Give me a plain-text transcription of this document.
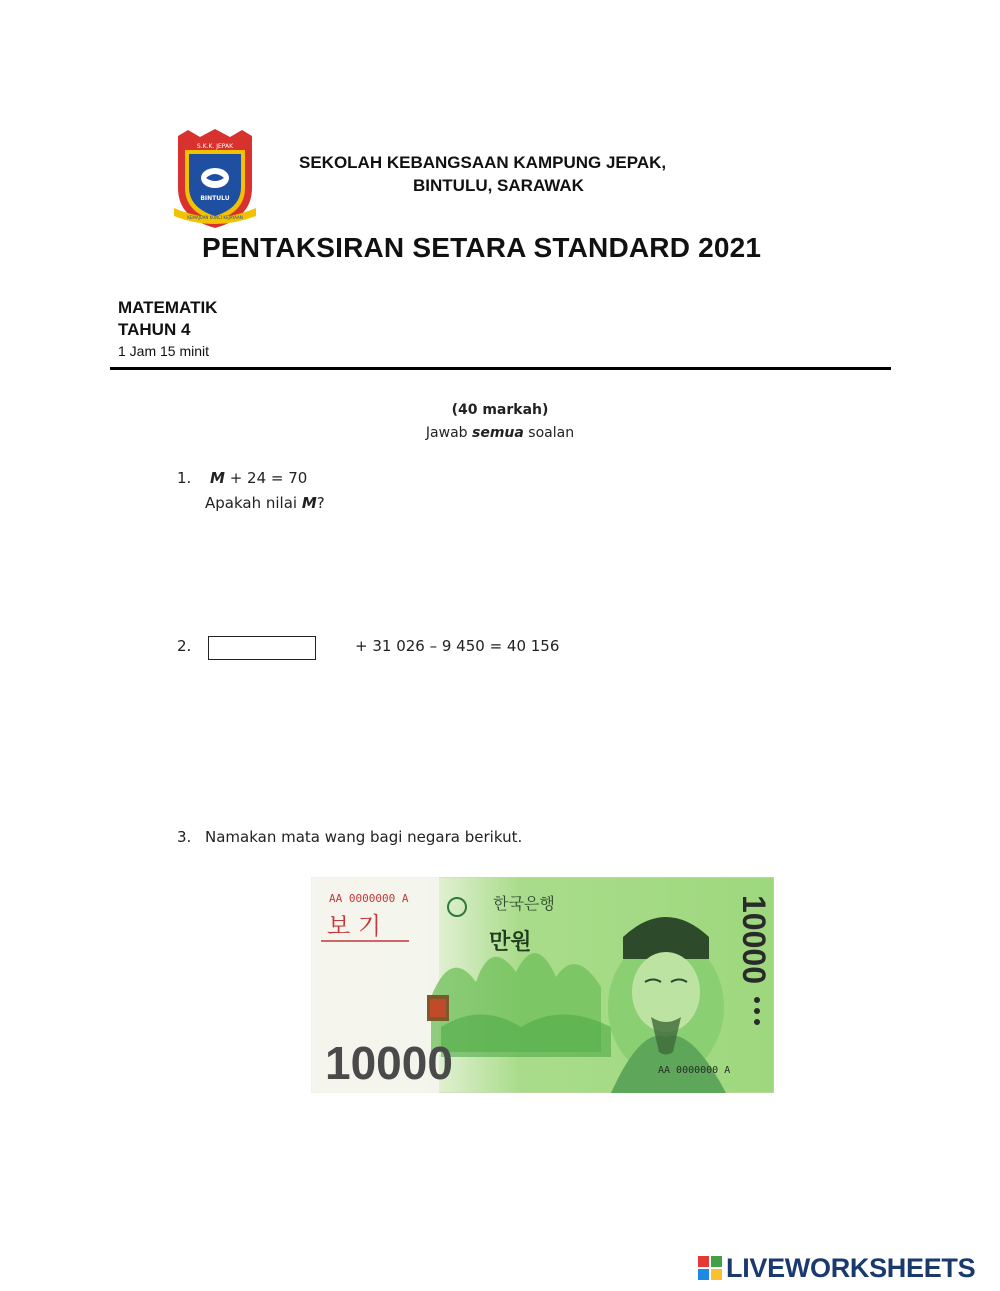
S.K.K. JEPAK
BINTULU
KEMAJUAN KUNCI KEJAYAAN
SEKOLAH KEBANGSAAN KAMPUNG JEPAK,
BINTULU, SARAWAK
PENTAKSIRAN SETARA STANDARD 2021
MATEMATIK
TAHUN 4
1 Jam 15 minit
(40 markah)
Jawab semua soalan
1. M + 24 = 70
Apakah nilai M?
2.	+ 31 026 – 9 450 = 40 156
3. Namakan mata wang bagi negara berikut.
AA 0000000 A
보 기
한국은행
만원
10000
10000
AA 0000000 A
LIVEWORKSHEETS
